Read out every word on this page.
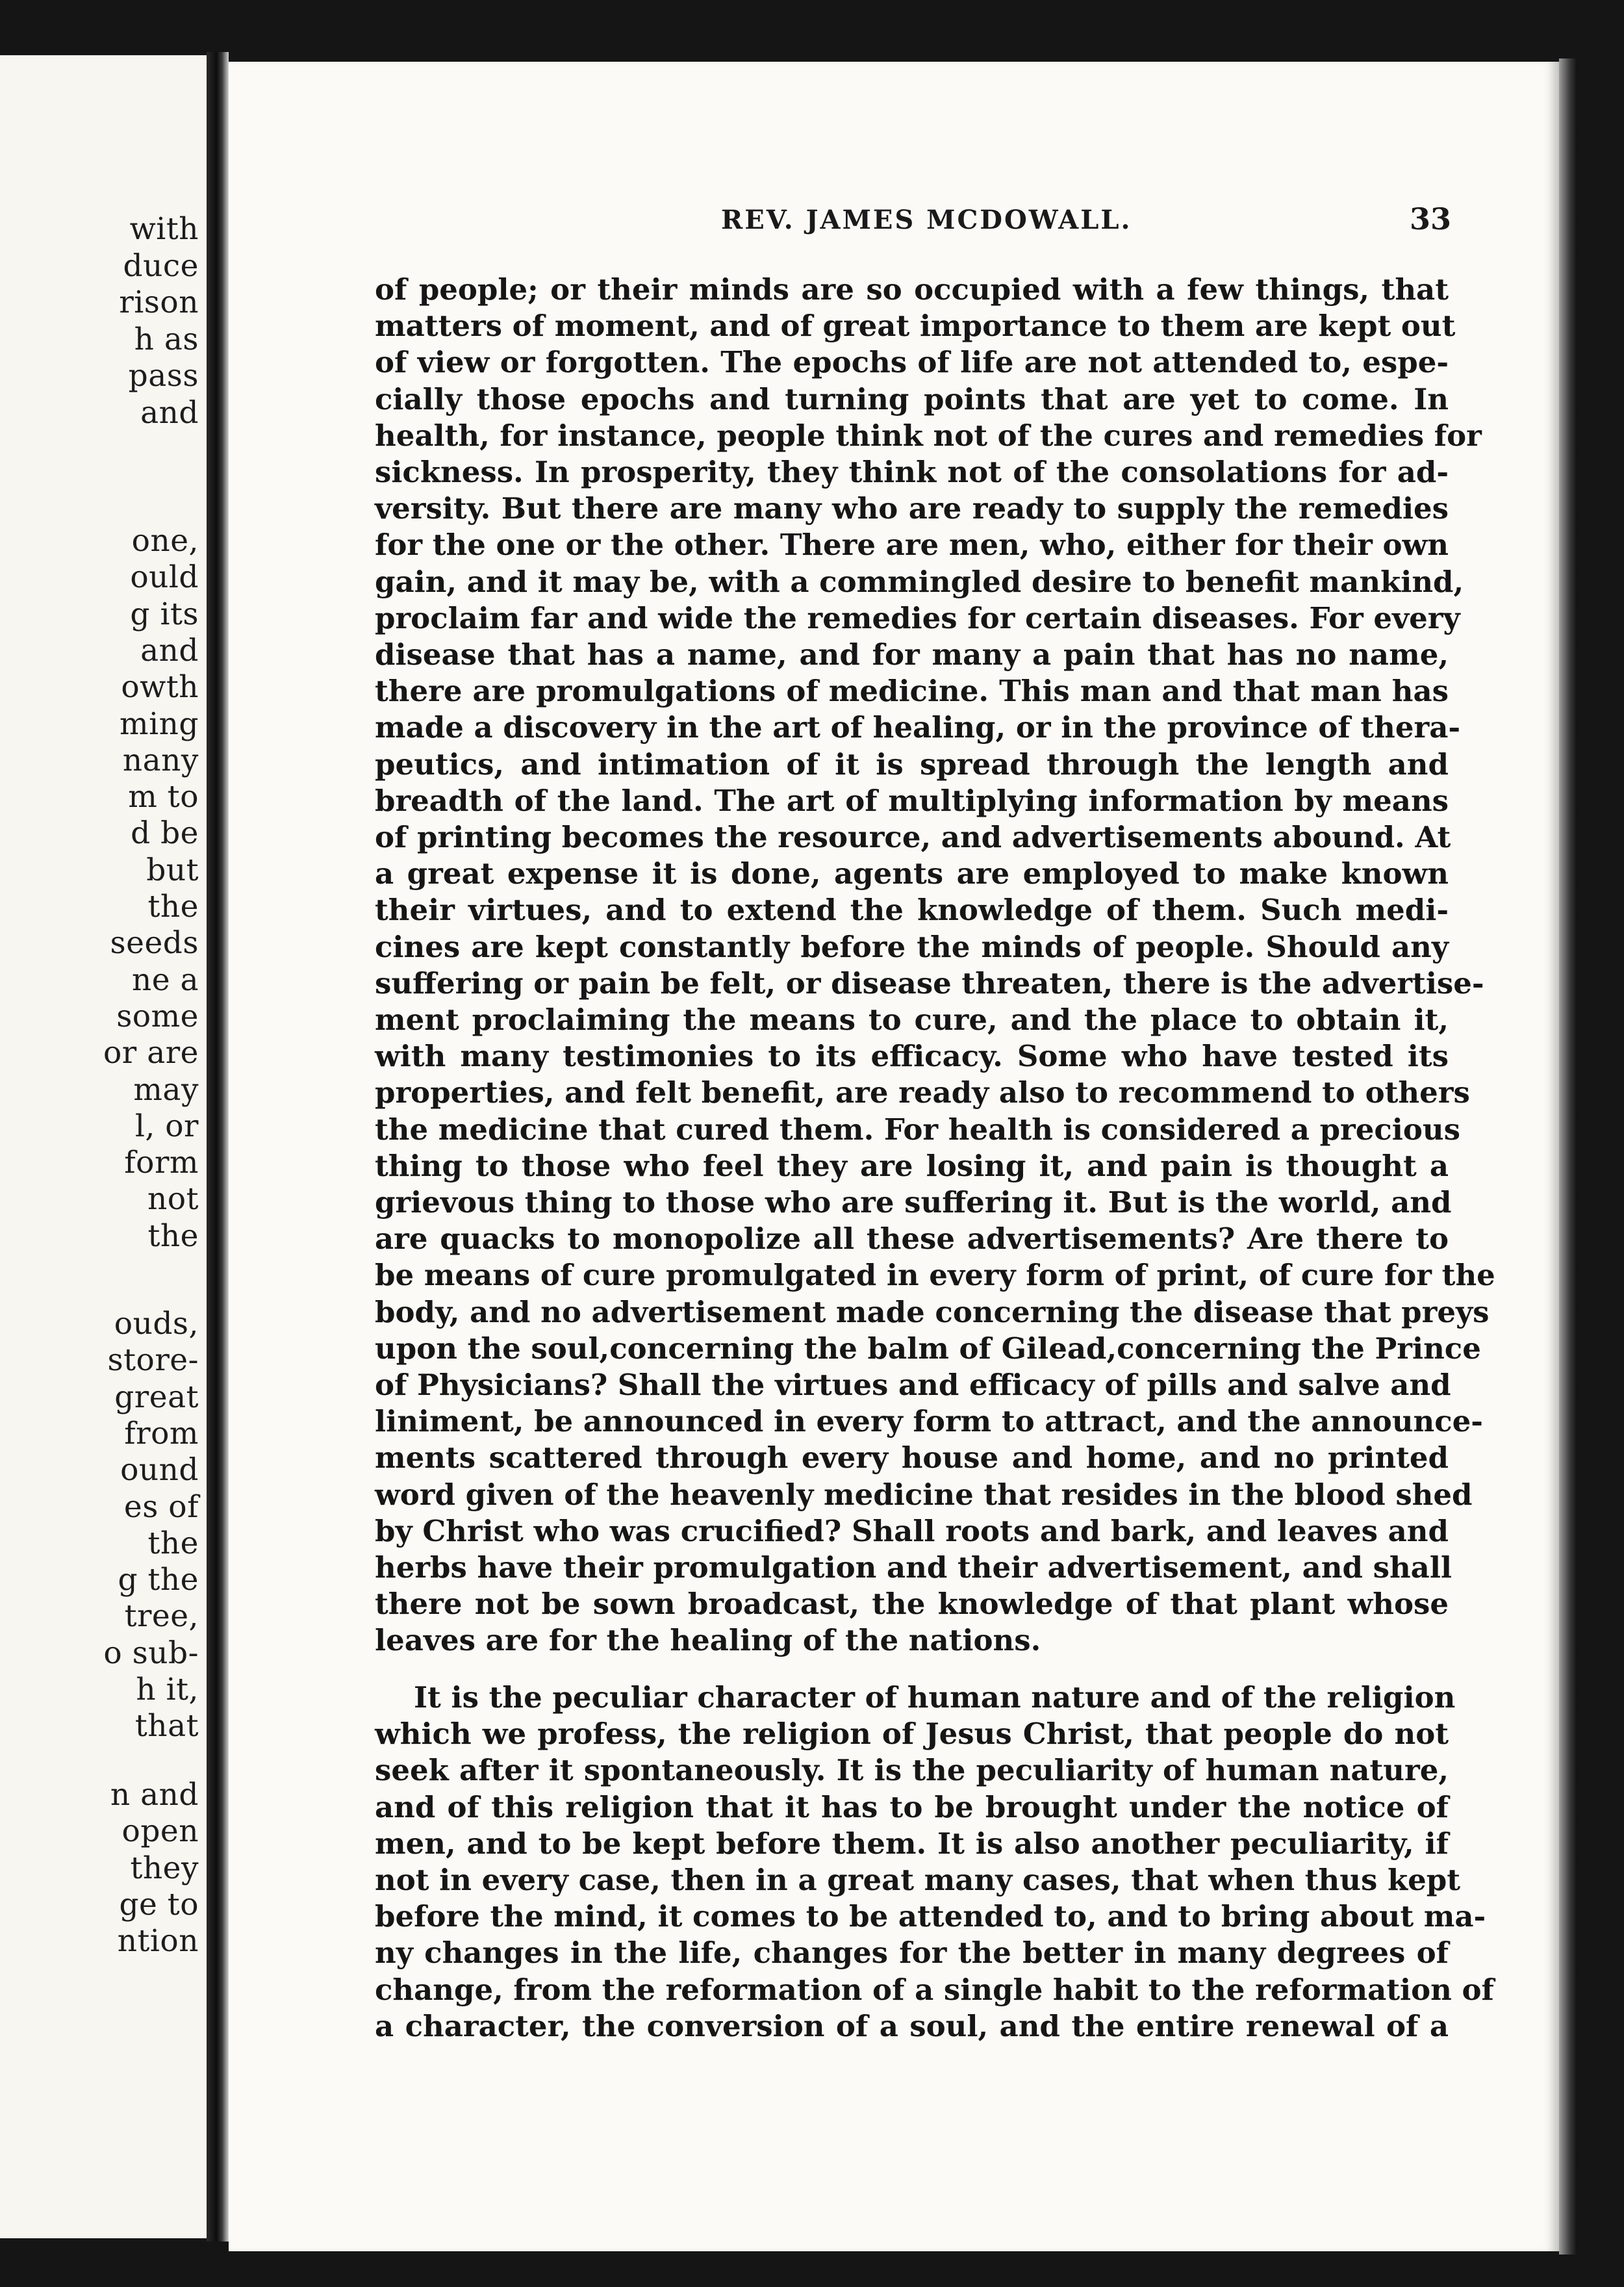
with
duce
rison
h as
pass
and
one,
ould
g its
and
owth
ming
nany
m to
d be
but
the
seeds
ne a
some
or are
may
l, or
form
not
the
ouds,
store-
great
from
ound
es of
the
g the
tree,
o sub-
h it,
that
n and
open
they
ge to
ntion
REV. JAMES MCDOWALL.	33
of people; or their minds are so occupied with a few things, that
matters of moment, and of great importance to them are kept out
of view or forgotten. The epochs of life are not attended to, espe-
cially those epochs and turning points that are yet to come. In
health, for instance, people think not of the cures and remedies for
sickness. In prosperity, they think not of the consolations for ad-
versity. But there are many who are ready to supply the remedies
for the one or the other. There are men, who, either for their own
gain, and it may be, with a commingled desire to benefit mankind,
proclaim far and wide the remedies for certain diseases. For every
disease that has a name, and for many a pain that has no name,
there are promulgations of medicine. This man and that man has
made a discovery in the art of healing, or in the province of thera-
peutics, and intimation of it is spread through the length and
breadth of the land. The art of multiplying information by means
of printing becomes the resource, and advertisements abound. At
a great expense it is done, agents are employed to make known
their virtues, and to extend the knowledge of them. Such medi-
cines are kept constantly before the minds of people. Should any
suffering or pain be felt, or disease threaten, there is the advertise-
ment proclaiming the means to cure, and the place to obtain it,
with many testimonies to its efficacy. Some who have tested its
properties, and felt benefit, are ready also to recommend to others
the medicine that cured them. For health is considered a precious
thing to those who feel they are losing it, and pain is thought a
grievous thing to those who are suffering it. But is the world, and
are quacks to monopolize all these advertisements? Are there to
be means of cure promulgated in every form of print, of cure for the
body, and no advertisement made concerning the disease that preys
upon the soul,concerning the balm of Gilead,concerning the Prince
of Physicians? Shall the virtues and efficacy of pills and salve and
liniment, be announced in every form to attract, and the announce-
ments scattered through every house and home, and no printed
word given of the heavenly medicine that resides in the blood shed
by Christ who was crucified? Shall roots and bark, and leaves and
herbs have their promulgation and their advertisement, and shall
there not be sown broadcast, the knowledge of that plant whose
leaves are for the healing of the nations.
It is the peculiar character of human nature and of the religion
which we profess, the religion of Jesus Christ, that people do not
seek after it spontaneously. It is the peculiarity of human nature,
and of this religion that it has to be brought under the notice of
men, and to be kept before them. It is also another peculiarity, if
not in every case, then in a great many cases, that when thus kept
before the mind, it comes to be attended to, and to bring about ma-
ny changes in the life, changes for the better in many degrees of
change, from the reformation of a single habit to the reformation of
a character, the conversion of a soul, and the entire renewal of a
